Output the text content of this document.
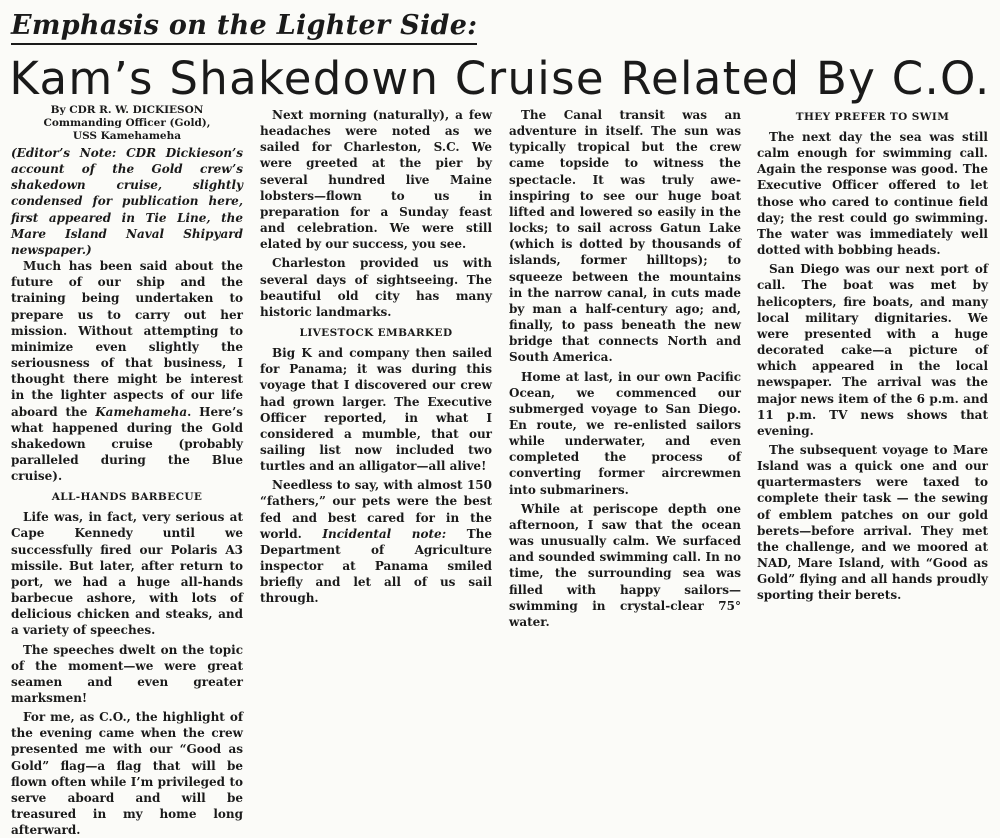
Emphasis on the Lighter Side:
Kam’s Shakedown Cruise Related By C.O.
By CDR R. W. DICKIESON
Commanding Officer (Gold),
USS Kamehameha

(Editor’s Note: CDR Dickieson’s account of the Gold crew’s shakedown cruise, slightly condensed for publication here, first appeared in Tie Line, the Mare Island Naval Shipyard newspaper.)

Much has been said about the future of our ship and the training being undertaken to prepare us to carry out her mission. Without attempting to minimize even slightly the seriousness of that business, I thought there might be interest in the lighter aspects of our life aboard the Kamehameha. Here’s what happened during the Gold shakedown cruise (probably paralleled during the Blue cruise).

ALL-HANDS BARBECUE

Life was, in fact, very serious at Cape Kennedy until we successfully fired our Polaris A3 missile. But later, after return to port, we had a huge all-hands barbecue ashore, with lots of delicious chicken and steaks, and a variety of speeches.

The speeches dwelt on the topic of the moment—we were great seamen and even greater marksmen!

For me, as C.O., the highlight of the evening came when the crew presented me with our “Good as Gold” flag—a flag that will be flown often while I’m privileged to serve aboard and will be treasured in my home long afterward.

Next morning (naturally), a few headaches were noted as we sailed for Charleston, S.C. We were greeted at the pier by several hundred live Maine lobsters—flown to us in preparation for a Sunday feast and celebration. We were still elated by our success, you see.

Charleston provided us with several days of sightseeing. The beautiful old city has many historic landmarks.

LIVESTOCK EMBARKED

Big K and company then sailed for Panama; it was during this voyage that I discovered our crew had grown larger. The Executive Officer reported, in what I considered a mumble, that our sailing list now included two turtles and an alligator—all alive!

Needless to say, with almost 150 “fathers,” our pets were the best fed and best cared for in the world. Incidental note: The Department of Agriculture inspector at Panama smiled briefly and let all of us sail through.

The Canal transit was an adventure in itself. The sun was typically tropical but the crew came topside to witness the spectacle. It was truly awe-inspiring to see our huge boat lifted and lowered so easily in the locks; to sail across Gatun Lake (which is dotted by thousands of islands, former hilltops); to squeeze between the mountains in the narrow canal, in cuts made by man a half-century ago; and, finally, to pass beneath the new bridge that connects North and South America.

Home at last, in our own Pacific Ocean, we commenced our submerged voyage to San Diego. En route, we re-enlisted sailors while underwater, and even completed the process of converting former aircrewmen into submariners.

While at periscope depth one afternoon, I saw that the ocean was unusually calm. We surfaced and sounded swimming call. In no time, the surrounding sea was filled with happy sailors—swimming in crystal-clear 75° water.

THEY PREFER TO SWIM

The next day the sea was still calm enough for swimming call. Again the response was good. The Executive Officer offered to let those who cared to continue field day; the rest could go swimming. The water was immediately well dotted with bobbing heads.

San Diego was our next port of call. The boat was met by helicopters, fire boats, and many local military dignitaries. We were presented with a huge decorated cake—a picture of which appeared in the local newspaper. The arrival was the major news item of the 6 p.m. and 11 p.m. TV news shows that evening.

The subsequent voyage to Mare Island was a quick one and our quartermasters were taxed to complete their task — the sewing of emblem patches on our gold berets—before arrival. They met the challenge, and we moored at NAD, Mare Island, with “Good as Gold” flying and all hands proudly sporting their berets.
